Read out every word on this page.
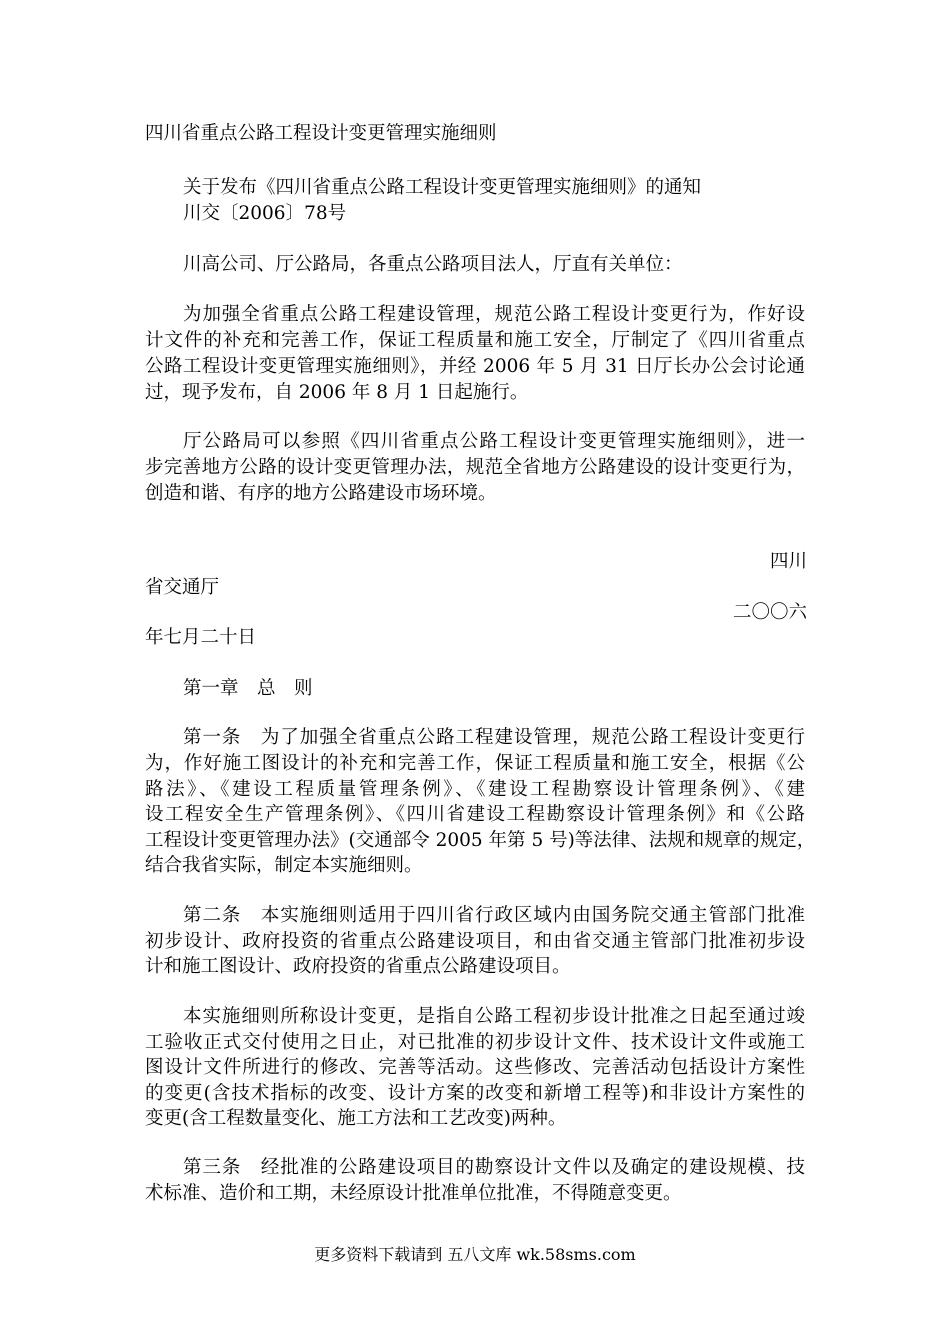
四川省重点公路工程设计变更管理实施细则
关于发布《四川省重点公路工程设计变更管理实施细则》的通知
川交〔2006〕78号
川高公司、厅公路局，各重点公路项目法人，厅直有关单位：
为加强全省重点公路工程建设管理，规范公路工程设计变更行为，作好设
计文件的补充和完善工作，保证工程质量和施工安全，厅制定了《四川省重点
公路工程设计变更管理实施细则》，并经 2006 年 5 月 31 日厅长办公会讨论通
过，现予发布，自 2006 年 8 月 1 日起施行。
厅公路局可以参照《四川省重点公路工程设计变更管理实施细则》，进一
步完善地方公路的设计变更管理办法，规范全省地方公路建设的设计变更行为，
创造和谐、有序的地方公路建设市场环境。
四川
省交通厅
二〇〇六
年七月二十日
第一章　总　则
第一条　为了加强全省重点公路工程建设管理，规范公路工程设计变更行
为，作好施工图设计的补充和完善工作，保证工程质量和施工安全，根据《公
路法》、《建设工程质量管理条例》、《建设工程勘察设计管理条例》、《建
设工程安全生产管理条例》、《四川省建设工程勘察设计管理条例》和《公路
工程设计变更管理办法》(交通部令 2005 年第 5 号)等法律、法规和规章的规定，
结合我省实际，制定本实施细则。
第二条　本实施细则适用于四川省行政区域内由国务院交通主管部门批准
初步设计、政府投资的省重点公路建设项目，和由省交通主管部门批准初步设
计和施工图设计、政府投资的省重点公路建设项目。
本实施细则所称设计变更，是指自公路工程初步设计批准之日起至通过竣
工验收正式交付使用之日止，对已批准的初步设计文件、技术设计文件或施工
图设计文件所进行的修改、完善等活动。这些修改、完善活动包括设计方案性
的变更(含技术指标的改变、设计方案的改变和新增工程等)和非设计方案性的
变更(含工程数量变化、施工方法和工艺改变)两种。
第三条　经批准的公路建设项目的勘察设计文件以及确定的建设规模、技
术标准、造价和工期，未经原设计批准单位批准，不得随意变更。
更多资料下载请到 五八文库 wk.58sms.com
